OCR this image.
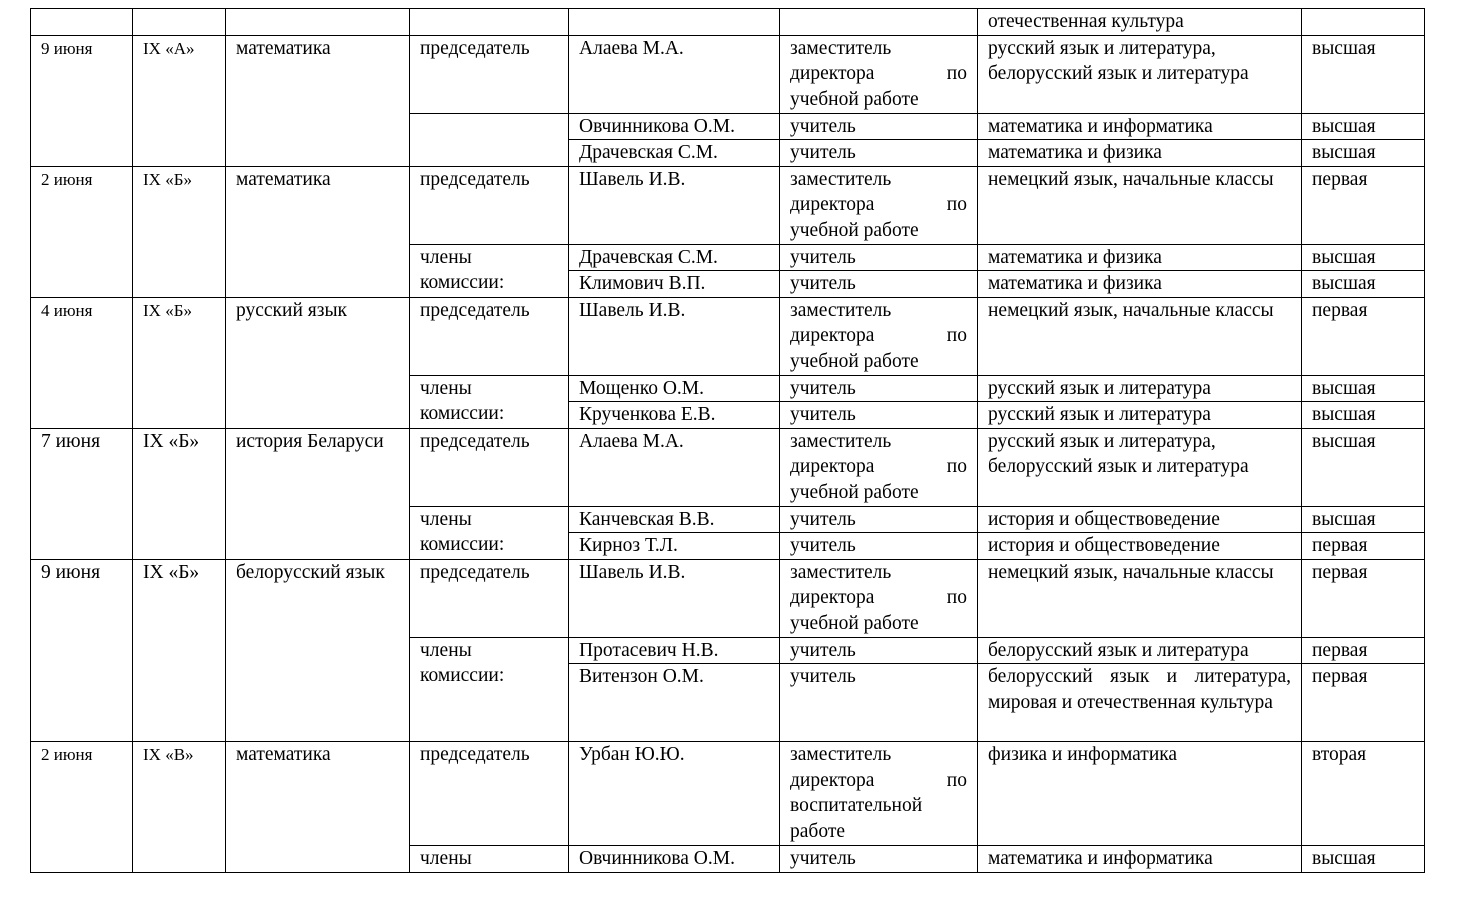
						отечественная культура	
9 июня	IX «А»	математика	председатель	Алаева М.А.	заместитель директора по учебной работе	русский язык и литература, белорусский язык и литература	высшая
				Овчинникова О.М.	учитель	математика и информатика	высшая
				Драчевская С.М.	учитель	математика и физика	высшая
2 июня	IX «Б»	математика	председатель	Шавель И.В.	заместитель директора по учебной работе	немецкий язык, начальные классы	первая
			члены комиссии:	Драчевская С.М.	учитель	математика и физика	высшая
				Климович В.П.	учитель	математика и физика	высшая
4 июня	IX «Б»	русский язык	председатель	Шавель И.В.	заместитель директора по учебной работе	немецкий язык, начальные классы	первая
			члены комиссии:	Мощенко О.М.	учитель	русский язык и литература	высшая
				Крученкова Е.В.	учитель	русский язык и литература	высшая
7 июня	IX «Б»	история Беларуси	председатель	Алаева М.А.	заместитель директора по учебной работе	русский язык и литература, белорусский язык и литература	высшая
			члены комиссии:	Канчевская В.В.	учитель	история и обществоведение	высшая
				Кирноз Т.Л.	учитель	история и обществоведение	первая
9 июня	IX «Б»	белорусский язык	председатель	Шавель И.В.	заместитель директора по учебной работе	немецкий язык, начальные классы	первая
			члены комиссии:	Протасевич Н.В.	учитель	белорусский язык и литература	первая
				Витензон О.М.	учитель	белорусский язык и литература, мировая и отечественная культура	первая
2 июня	IX «В»	математика	председатель	Урбан Ю.Ю.	заместитель директора по воспитательной работе	физика и информатика	вторая
			члены	Овчинникова О.М.	учитель	математика и информатика	высшая
